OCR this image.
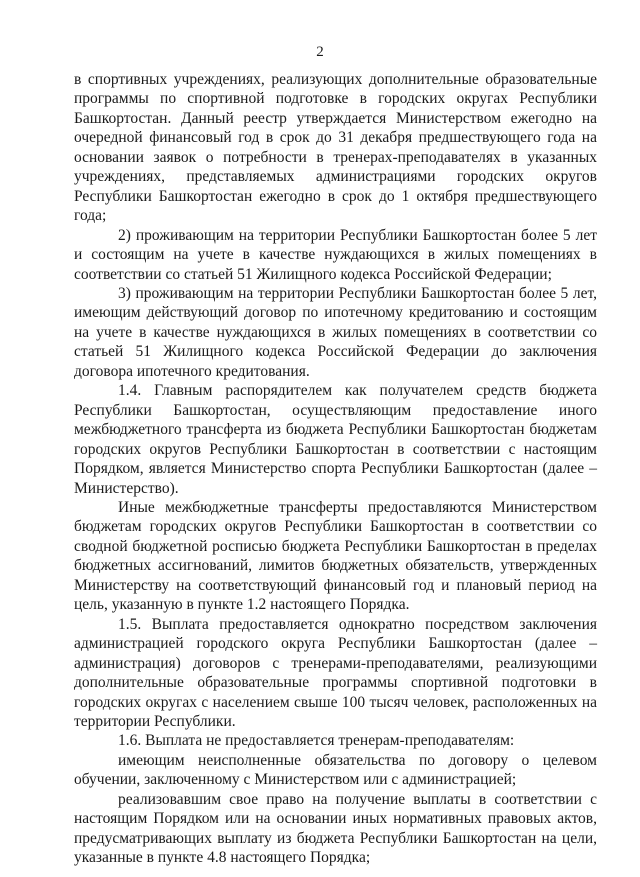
2

в спортивных учреждениях, реализующих дополнительные образовательные программы по спортивной подготовке в городских округах Республики Башкортостан. Данный реестр утверждается Министерством ежегодно на очередной финансовый год в срок до 31 декабря предшествующего года на основании заявок о потребности в тренерах-преподавателях в указанных учреждениях, представляемых администрациями городских округов Республики Башкортостан ежегодно в срок до 1 октября предшествующего года;

2) проживающим на территории Республики Башкортостан более 5 лет и состоящим на учете в качестве нуждающихся в жилых помещениях в соответствии со статьей 51 Жилищного кодекса Российской Федерации;

3) проживающим на территории Республики Башкортостан более 5 лет, имеющим действующий договор по ипотечному кредитованию и состоящим на учете в качестве нуждающихся в жилых помещениях в соответствии со статьей 51 Жилищного кодекса Российской Федерации до заключения договора ипотечного кредитования.

1.4. Главным распорядителем как получателем средств бюджета Республики Башкортостан, осуществляющим предоставление иного межбюджетного трансферта из бюджета Республики Башкортостан бюджетам городских округов Республики Башкортостан в соответствии с настоящим Порядком, является Министерство спорта Республики Башкортостан (далее – Министерство).

Иные межбюджетные трансферты предоставляются Министерством бюджетам городских округов Республики Башкортостан в соответствии со сводной бюджетной росписью бюджета Республики Башкортостан в пределах бюджетных ассигнований, лимитов бюджетных обязательств, утвержденных Министерству на соответствующий финансовый год и плановый период на цель, указанную в пункте 1.2 настоящего Порядка.

1.5. Выплата предоставляется однократно посредством заключения администрацией городского округа Республики Башкортостан (далее – администрация) договоров с тренерами-преподавателями, реализующими дополнительные образовательные программы спортивной подготовки в городских округах с населением свыше 100 тысяч человек, расположенных на территории Республики.

1.6. Выплата не предоставляется тренерам-преподавателям:

имеющим неисполненные обязательства по договору о целевом обучении, заключенному с Министерством или с администрацией;

реализовавшим свое право на получение выплаты в соответствии с настоящим Порядком или на основании иных нормативных правовых актов, предусматривающих выплату из бюджета Республики Башкортостан на цели, указанные в пункте 4.8 настоящего Порядка;
